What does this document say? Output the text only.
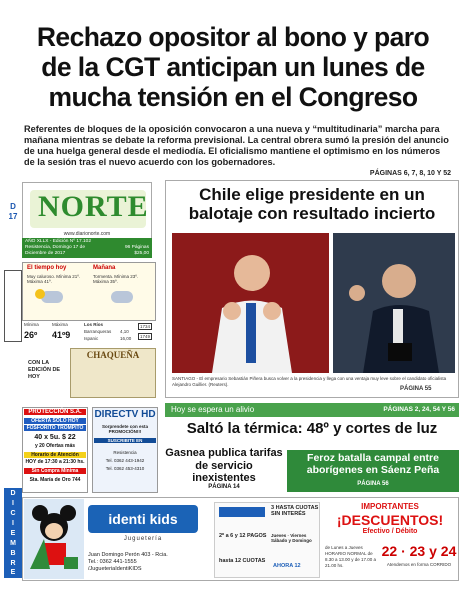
Rechazo opositor al bono y paro
de la CGT anticipan un lunes de
mucha tensión en el Congreso
Referentes de bloques de la oposición convocaron a una nueva y “multitudinaria” marcha para mañana mientras se debate la reforma previsional. La central obrera sumó la presión del anuncio de una huelga general desde el mediodía. El oficialismo mantiene el optimismo en los números de la sesión tras el nuevo acuerdo con los gobernadores.
PÁGINAS 6, 7, 8, 10 Y 52
D
17 NORTE
www.diarionorte.com
AÑO XLLX - Edición Nº 17.102
Resistencia, Domingo 17 de Diciembre de 2017
96 Páginas
$25,00
El tiempo hoy	Mañana
Muy caluroso. Mínima 21º. Máxima 41º.
Tormenta. Mínima 23º. Máxima 35º.
Mínima
26º
Máxima
41º9
Los Ríos
Barranqueras 4,10
Ispanic	16,00
1734
1749
CON LA EDICIÓN DE HOY
CHAQUEÑA
Chile elige presidente en un balotaje con resultado incierto
SANTIAGO - El empresario Sebastián Piñera busca volver a la presidencia y llega con una ventaja muy leve sobre el candidato oficialista Alejandro Guillier. (Reuters).
PÁGINA 55
Hoy se espera un alivio	PÁGINAS 2, 24, 54 Y 56
Saltó la térmica: 48º y cortes de luz
Gasnea publica tarifas de servicio inexistentes
PÁGINA 14
Feroz batalla campal entre aborígenes en Sáenz Peña
PÁGINA 56
PROTECCIÓN S.A.
OFERTA SOLO HOY
FOSFORITO TROMPITO
40 x 5u. $ 22
y 20 Ofertas más
Horario de Atención
HOY de 17:30 a 21:30 hs.
Sin Compra Mínima
Sta. María de Oro 744
DIRECTV HD
Sorprendete con esta PROMOCIÓN!!!
SUSCRIBITE EN
Resistencia
Tel. 0362 443-1942
Tel. 0362 453-4310
D
I
C
I
E
M
B
R
E
identi kids
Juguetería
Juan Domingo Perón 403 - Rcia.
Tel.: 0362 441-1555
/JugueteriaIdentiKIDS
3 HASTA CUOTAS SIN INTERÉS
2º a 6 y 12 PAGOS Jueves · Viernes Sábado y Domingo
hasta 12 CUOTAS
AHORA 12
IMPORTANTES
¡DESCUENTOS!
Efectivo / Débito
22 · 23 y 24
de Lunes a Jueves HORARIO NORMAL de 8.30 a 13.00 y de 17.00 a 21.00 hs.	Atendemos en forma CORRIDO
